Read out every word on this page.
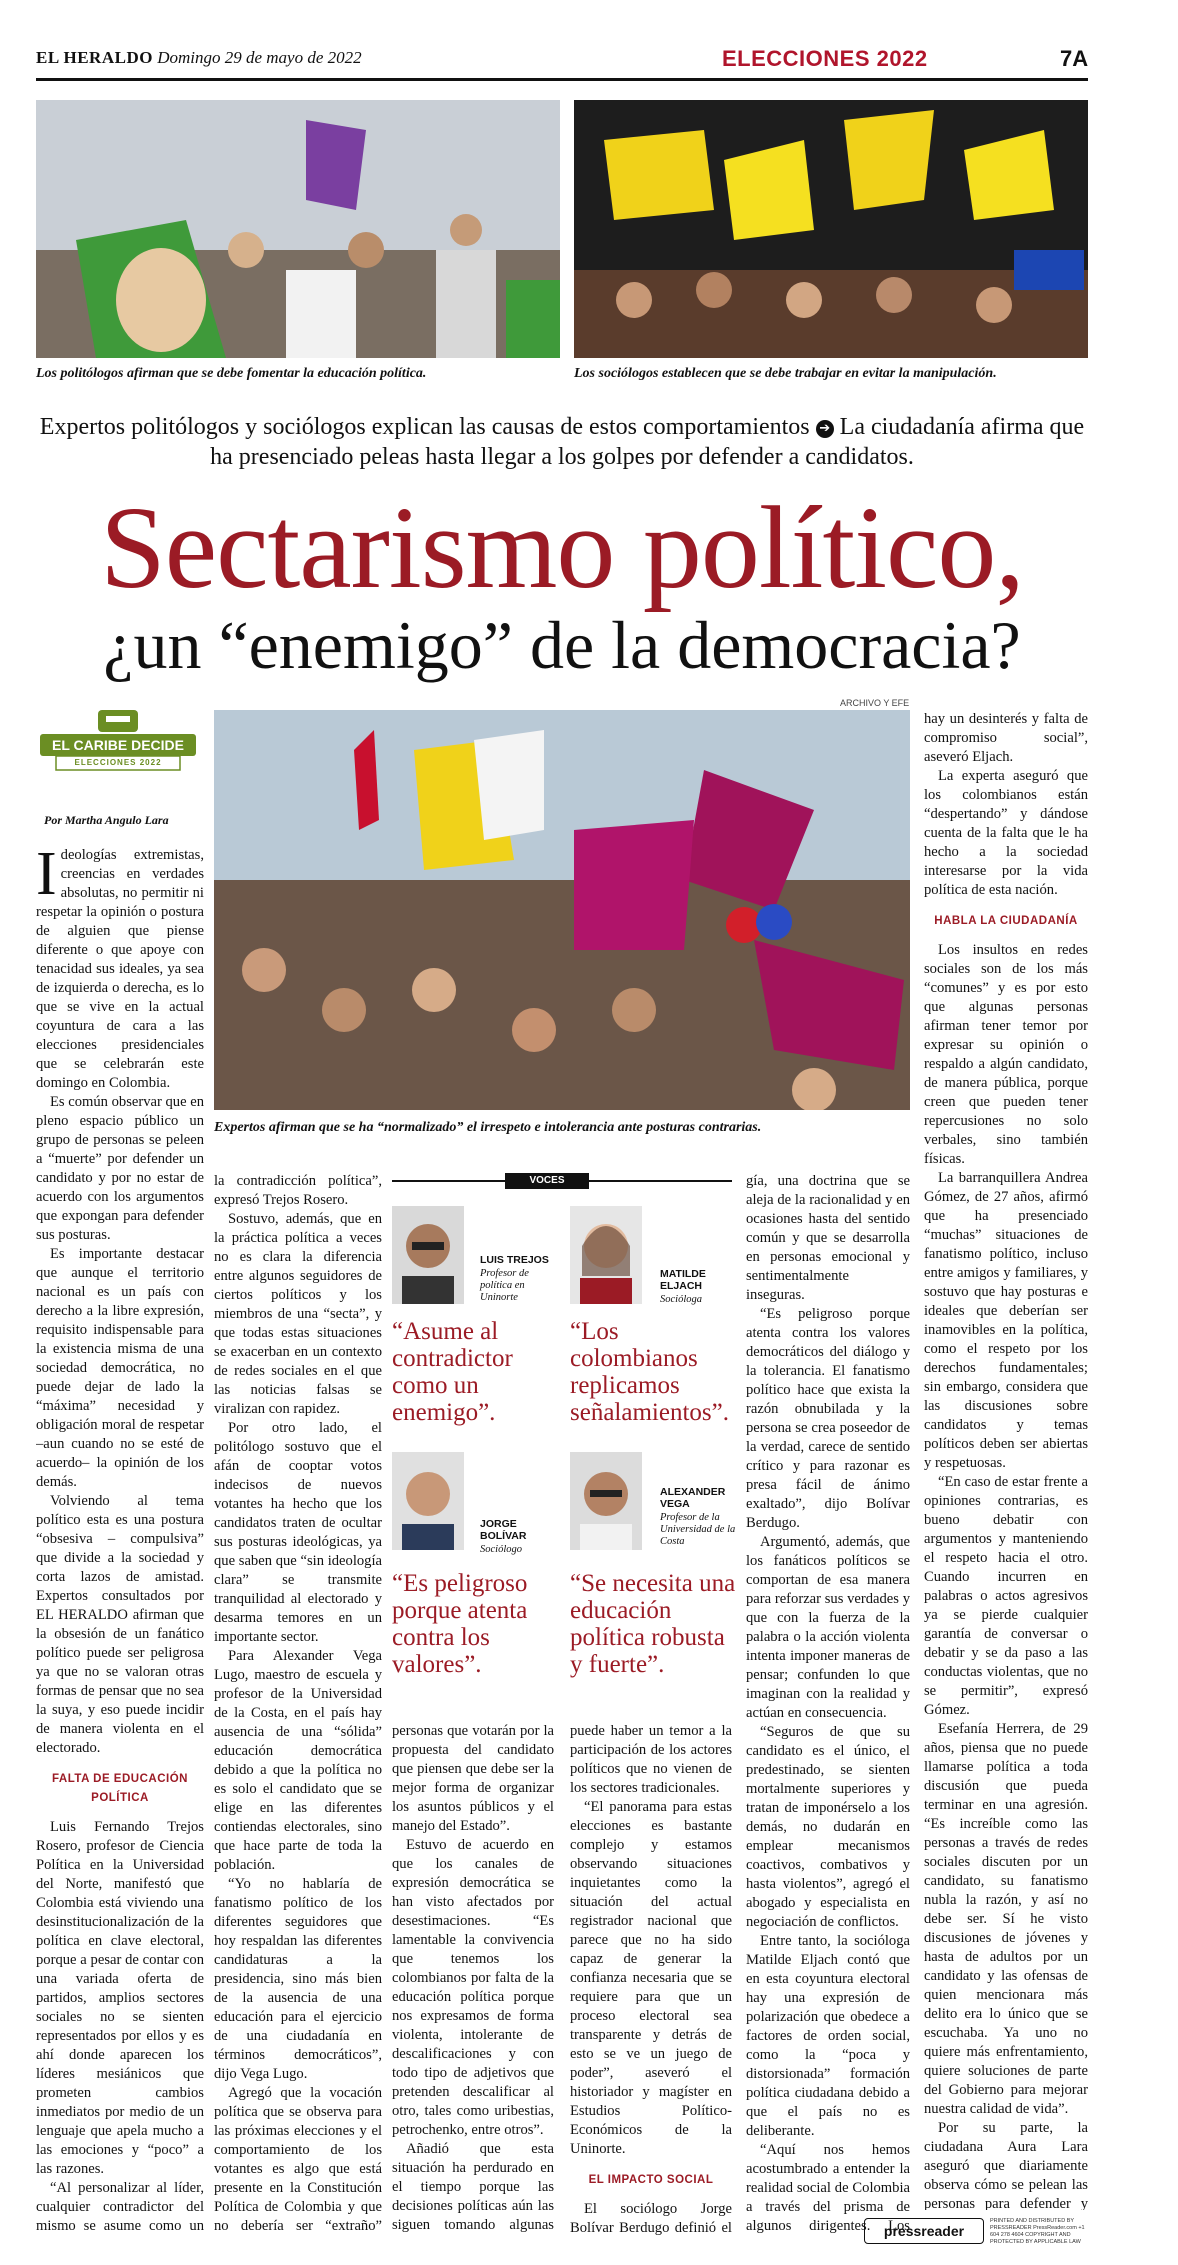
EL HERALDO Domingo 29 de mayo de 2022	ELECCIONES 2022	7A
Los politólogos afirman que se debe fomentar la educación política.	Los sociólogos establecen que se debe trabajar en evitar la manipulación.
Expertos politólogos y sociólogos explican las causas de estos comportamientos ➔ La ciudadanía afirma que ha presenciado peleas hasta llegar a los golpes por defender a candidatos.
Sectarismo político,
¿un “enemigo” de la democracia?
ARCHIVO Y EFE
EL CARIBE DECIDE
ELECCIONES 2022
Por Martha Angulo Lara
Expertos afirman que se ha “normalizado” el irrespeto e intolerancia ante posturas contrarias.

Ideologías extremistas, creencias en verdades absolutas, no permitir ni respetar la opinión o postura de alguien que piense diferente o que apoye con tenacidad sus ideales, ya sea de izquierda o derecha, es lo que se vive en la actual coyuntura de cara a las elecciones presidenciales que se celebrarán este domingo en Colombia.

Es común observar que en pleno espacio público un grupo de personas se peleen a “muerte” por defender un candidato y por no estar de acuerdo con los argumentos que expongan para defender sus posturas.

Es importante destacar que aunque el territorio nacional es un país con derecho a la libre expresión, requisito indispensable para la existencia misma de una sociedad democrática, no puede dejar de lado la “máxima” necesidad y obligación moral de respetar –aun cuando no se esté de acuerdo– la opinión de los demás.

Volviendo al tema político esta es una postura “obsesiva – compulsiva” que divide a la sociedad y corta lazos de amistad. Expertos consultados por EL HERALDO afirman que la obsesión de un fanático político puede ser peligrosa ya que no se valoran otras formas de pensar que no sea la suya, y eso puede incidir de manera violenta en el electorado.

FALTA DE EDUCACIÓN POLÍTICA

Luis Fernando Trejos Rosero, profesor de Ciencia Política en la Universidad del Norte, manifestó que Colombia está viviendo una desinstitucionalización de la política en clave electoral, porque a pesar de contar con una variada oferta de partidos, amplios sectores sociales no se sienten representados por ellos y es ahí donde aparecen los líderes mesiánicos que prometen cambios inmediatos por medio de un lenguaje que apela mucho a las emociones y “poco” a las razones.

“Al personalizar al líder, cualquier contradictor del mismo se asume como un

la contradicción política”, expresó Trejos Rosero.

Sostuvo, además, que en la práctica política a veces no es clara la diferencia entre algunos seguidores de ciertos políticos y los miembros de una “secta”, y que todas estas situaciones se exacerban en un contexto de redes sociales en el que las noticias falsas se viralizan con rapidez.

Por otro lado, el politólogo sostuvo que el afán de cooptar votos indecisos de nuevos votantes ha hecho que los candidatos traten de ocultar sus posturas ideológicas, ya que saben que “sin ideología clara” se transmite tranquilidad al electorado y desarma temores en un importante sector.

Para Alexander Vega Lugo, maestro de escuela y profesor de la Universidad de la Costa, en el país hay ausencia de una “sólida” educación democrática debido a que la política no es solo el candidato que se elige en las diferentes contiendas electorales, sino que hace parte de toda la población.

“Yo no hablaría de fanatismo político de los diferentes seguidores que hoy respaldan las diferentes candidaturas a la presidencia, sino más bien de la ausencia de una educación para el ejercicio de una ciudadanía en términos democráticos”, dijo Vega Lugo.

Agregó que la vocación política que se observa para las próximas elecciones y el comportamiento de los votantes es algo que está presente en la Constitución Política de Colombia y que no debería ser “extraño”

VOCES
LUIS TREJOS
Profesor de política en Uninorte
“Asume al contradictor como un enemigo”.
MATILDE ELJACH
Socióloga
“Los colombianos replicamos señalamientos”.
JORGE BOLÍVAR
Sociólogo
“Es peligroso porque atenta contra los valores”.
ALEXANDER VEGA
Profesor de la Universidad de la Costa
“Se necesita una educación política robusta y fuerte”.

personas que votarán por la propuesta del candidato que piensen que debe ser la mejor forma de organizar los asuntos públicos y el manejo del Estado”.

Estuvo de acuerdo en que los canales de expresión democrática se han visto afectados por desestimaciones. “Es lamentable la convivencia que tenemos los colombianos por falta de la educación política porque nos expresamos de forma violenta, intolerante de descalificaciones y con todo tipo de adjetivos que pretenden descalificar al otro, tales como uribestias, petrochenko, entre otros”.

Añadió que esta situación ha perdurado en el tiempo porque las decisiones políticas aún las siguen tomando algunas

puede haber un temor a la participación de los actores políticos que no vienen de los sectores tradicionales.

“El panorama para estas elecciones es bastante complejo y estamos observando situaciones inquietantes como la situación del actual registrador nacional que parece que no ha sido capaz de generar la confianza necesaria que se requiere para que un proceso electoral sea transparente y detrás de esto se ve un juego de poder”, aseveró el historiador y magíster en Estudios Político-Económicos de la Uninorte.

EL IMPACTO SOCIAL

El sociólogo Jorge Bolívar Berdugo definió el

gía, una doctrina que se aleja de la racionalidad y en ocasiones hasta del sentido común y que se desarrolla en personas emocional y sentimentalmente inseguras.

“Es peligroso porque atenta contra los valores democráticos del diálogo y la tolerancia. El fanatismo político hace que exista la razón obnubilada y la persona se crea poseedor de la verdad, carece de sentido crítico y para razonar es presa fácil de ánimo exaltado”, dijo Bolívar Berdugo.

Argumentó, además, que los fanáticos políticos se comportan de esa manera para reforzar sus verdades y que con la fuerza de la palabra o la acción violenta intenta imponer maneras de pensar; confunden lo que imaginan con la realidad y actúan en consecuencia.

“Seguros de que su candidato es el único, el predestinado, se sienten mortalmente superiores y tratan de imponérselo a los demás, no dudarán en emplear mecanismos coactivos, combativos y hasta violentos”, agregó el abogado y especialista en negociación de conflictos.

Entre tanto, la socióloga Matilde Eljach contó que en esta coyuntura electoral hay una expresión de polarización que obedece a factores de orden social, como la “poca y distorsionada” formación política ciudadana debido a que el país no es deliberante.

“Aquí nos hemos acostumbrado a entender la realidad social de Colombia a través del prisma de algunos dirigentes. Los

hay un desinterés y falta de compromiso social”, aseveró Eljach.

La experta aseguró que los colombianos están “despertando” y dándose cuenta de la falta que le ha hecho a la sociedad interesarse por la vida política de esta nación.

HABLA LA CIUDADANÍA

Los insultos en redes sociales son de los más “comunes” y es por esto que algunas personas afirman tener temor por expresar su opinión o respaldo a algún candidato, de manera pública, porque creen que pueden tener repercusiones no solo verbales, sino también físicas.

La barranquillera Andrea Gómez, de 27 años, afirmó que ha presenciado “muchas” situaciones de fanatismo político, incluso entre amigos y familiares, y sostuvo que hay posturas e ideales que deberían ser inamovibles en la política, como el respeto por los derechos fundamentales; sin embargo, considera que las discusiones sobre candidatos y temas políticos deben ser abiertas y respetuosas.

“En caso de estar frente a opiniones contrarias, es bueno debatir con argumentos y manteniendo el respeto hacia el otro. Cuando incurren en palabras o actos agresivos ya se pierde cualquier garantía de conversar o debatir y se da paso a las conductas violentas, que no se permitir”, expresó Gómez.

Esefanía Herrera, de 29 años, piensa que no puede llamarse política a toda discusión que pueda terminar en una agresión. “Es increíble como las personas a través de redes sociales discuten por un candidato, su fanatismo nubla la razón, y así no debe ser. Sí he visto discusiones de jóvenes y hasta de adultos por un candidato y las ofensas de quien mencionara más delito era lo único que se escuchaba. Ya uno no quiere más enfrentamiento, quiere soluciones de parte del Gobierno para mejorar nuestra calidad de vida”.

Por su parte, la ciudadana Aura Lara aseguró que diariamente observa cómo se pelean las personas para defender y

pressreader
PRINTED AND DISTRIBUTED BY PRESSREADER PressReader.com +1 604 278 4604 COPYRIGHT AND PROTECTED BY APPLICABLE LAW
